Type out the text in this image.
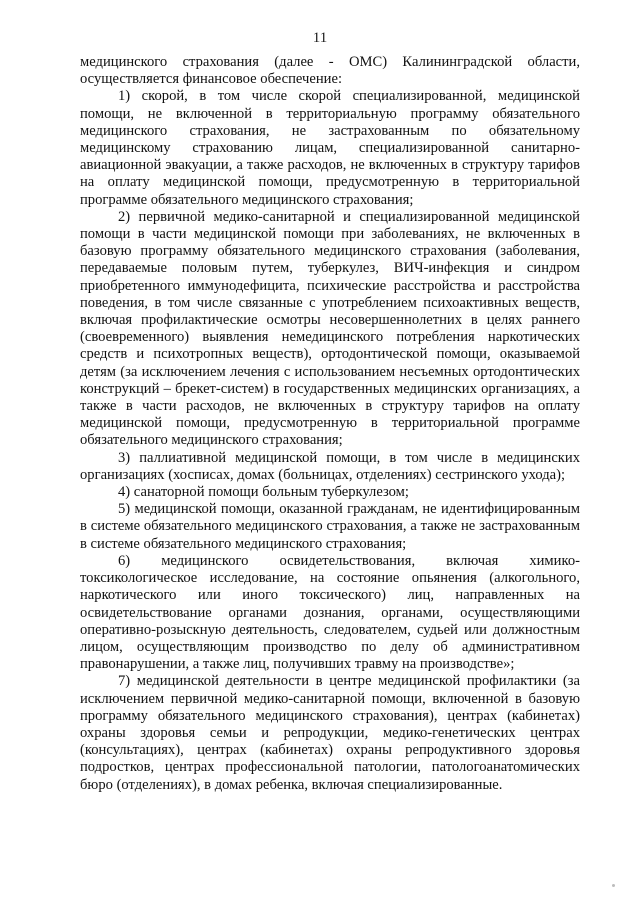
11

медицинского страхования (далее - ОМС) Калининградской области, осуществляется финансовое обеспечение:

1) скорой, в том числе скорой специализированной, медицинской помощи, не включенной в территориальную программу обязательного медицинского страхования, не застрахованным по обязательному медицинскому страхованию лицам, специализированной санитарно-авиационной эвакуации, а также расходов, не включенных в структуру тарифов на оплату медицинской помощи, предусмотренную в территориальной программе обязательного медицинского страхования;

2) первичной медико-санитарной и специализированной медицинской помощи в части медицинской помощи при заболеваниях, не включенных в базовую программу обязательного медицинского страхования (заболевания, передаваемые половым путем, туберкулез, ВИЧ-инфекция и синдром приобретенного иммунодефицита, психические расстройства и расстройства поведения, в том числе связанные с употреблением психоактивных веществ, включая профилактические осмотры несовершеннолетних в целях раннего (своевременного) выявления немедицинского потребления наркотических средств и психотропных веществ), ортодонтической помощи, оказываемой детям (за исключением лечения с использованием несъемных ортодонтических конструкций – брекет-систем) в государственных медицинских организациях, а также в части расходов, не включенных в структуру тарифов на оплату медицинской помощи, предусмотренную в территориальной программе обязательного медицинского страхования;

3) паллиативной медицинской помощи, в том числе в медицинских организациях (хосписах, домах (больницах, отделениях) сестринского ухода);

4) санаторной помощи больным туберкулезом;

5) медицинской помощи, оказанной гражданам, не идентифицированным в системе обязательного медицинского страхования, а также не застрахованным в системе обязательного медицинского страхования;

6) медицинского освидетельствования, включая химико-токсикологическое исследование, на состояние опьянения (алкогольного, наркотического или иного токсического) лиц, направленных на освидетельствование органами дознания, органами, осуществляющими оперативно-розыскную деятельность, следователем, судьей или должностным лицом, осуществляющим производство по делу об административном правонарушении, а также лиц, получивших травму на производстве»;

7) медицинской деятельности в центре медицинской профилактики (за исключением первичной медико-санитарной помощи, включенной в базовую программу обязательного медицинского страхования), центрах (кабинетах) охраны здоровья семьи и репродукции, медико-генетических центрах (консультациях), центрах (кабинетах) охраны репродуктивного здоровья подростков, центрах профессиональной патологии, патологоанатомических бюро (отделениях), в домах ребенка, включая специализированные.
